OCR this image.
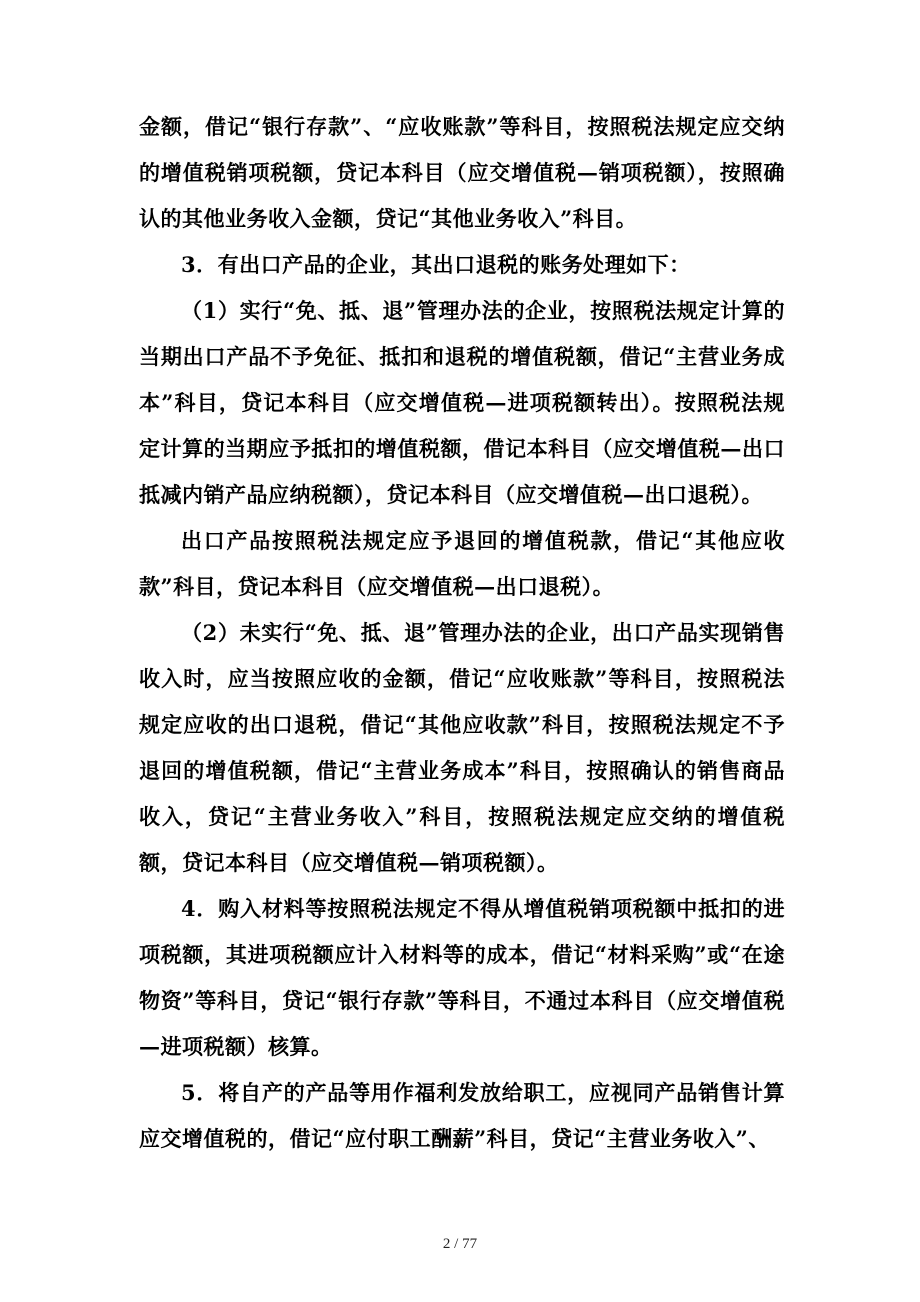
金额，借记“银行存款”、“应收账款”等科目，按照税法规定应交纳的增值税销项税额，贷记本科目（应交增值税—销项税额），按照确认的其他业务收入金额，贷记“其他业务收入”科目。

3．有出口产品的企业，其出口退税的账务处理如下：

（1）实行“免、抵、退”管理办法的企业，按照税法规定计算的当期出口产品不予免征、抵扣和退税的增值税额，借记“主营业务成本”科目，贷记本科目（应交增值税—进项税额转出）。按照税法规定计算的当期应予抵扣的增值税额，借记本科目（应交增值税—出口抵减内销产品应纳税额），贷记本科目（应交增值税—出口退税）。

出口产品按照税法规定应予退回的增值税款，借记“其他应收款”科目，贷记本科目（应交增值税—出口退税）。

（2）未实行“免、抵、退”管理办法的企业，出口产品实现销售收入时，应当按照应收的金额，借记“应收账款”等科目，按照税法规定应收的出口退税，借记“其他应收款”科目，按照税法规定不予退回的增值税额，借记“主营业务成本”科目，按照确认的销售商品收入，贷记“主营业务收入”科目，按照税法规定应交纳的增值税额，贷记本科目（应交增值税—销项税额）。

4．购入材料等按照税法规定不得从增值税销项税额中抵扣的进项税额，其进项税额应计入材料等的成本，借记“材料采购”或“在途物资”等科目，贷记“银行存款”等科目，不通过本科目（应交增值税—进项税额）核算。

5．将自产的产品等用作福利发放给职工，应视同产品销售计算应交增值税的，借记“应付职工酬薪”科目，贷记“主营业务收入”、

2 / 77
